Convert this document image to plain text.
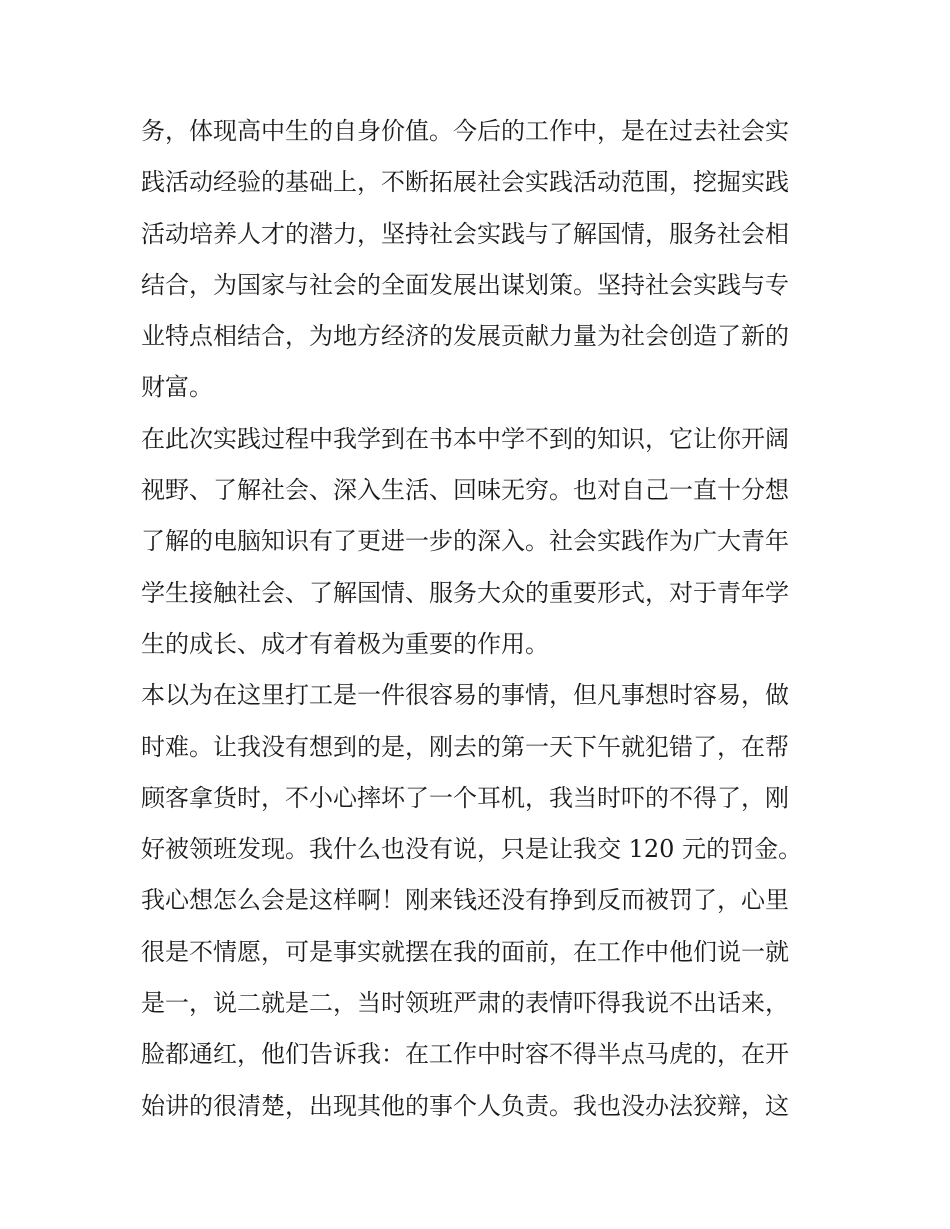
务，体现高中生的自身价值。今后的工作中，是在过去社会实
践活动经验的基础上，不断拓展社会实践活动范围，挖掘实践
活动培养人才的潜力，坚持社会实践与了解国情，服务社会相
结合，为国家与社会的全面发展出谋划策。坚持社会实践与专
业特点相结合，为地方经济的发展贡献力量为社会创造了新的
财富。
在此次实践过程中我学到在书本中学不到的知识，它让你开阔
视野、了解社会、深入生活、回味无穷。也对自己一直十分想
了解的电脑知识有了更进一步的深入。社会实践作为广大青年
学生接触社会、了解国情、服务大众的重要形式，对于青年学
生的成长、成才有着极为重要的作用。
本以为在这里打工是一件很容易的事情，但凡事想时容易，做
时难。让我没有想到的是，刚去的第一天下午就犯错了，在帮
顾客拿货时，不小心摔坏了一个耳机，我当时吓的不得了，刚
好被领班发现。我什么也没有说，只是让我交 120 元的罚金。
我心想怎么会是这样啊！刚来钱还没有挣到反而被罚了，心里
很是不情愿，可是事实就摆在我的面前，在工作中他们说一就
是一，说二就是二，当时领班严肃的表情吓得我说不出话来，
脸都通红，他们告诉我：在工作中时容不得半点马虎的，在开
始讲的很清楚，出现其他的事个人负责。我也没办法狡辩，这
